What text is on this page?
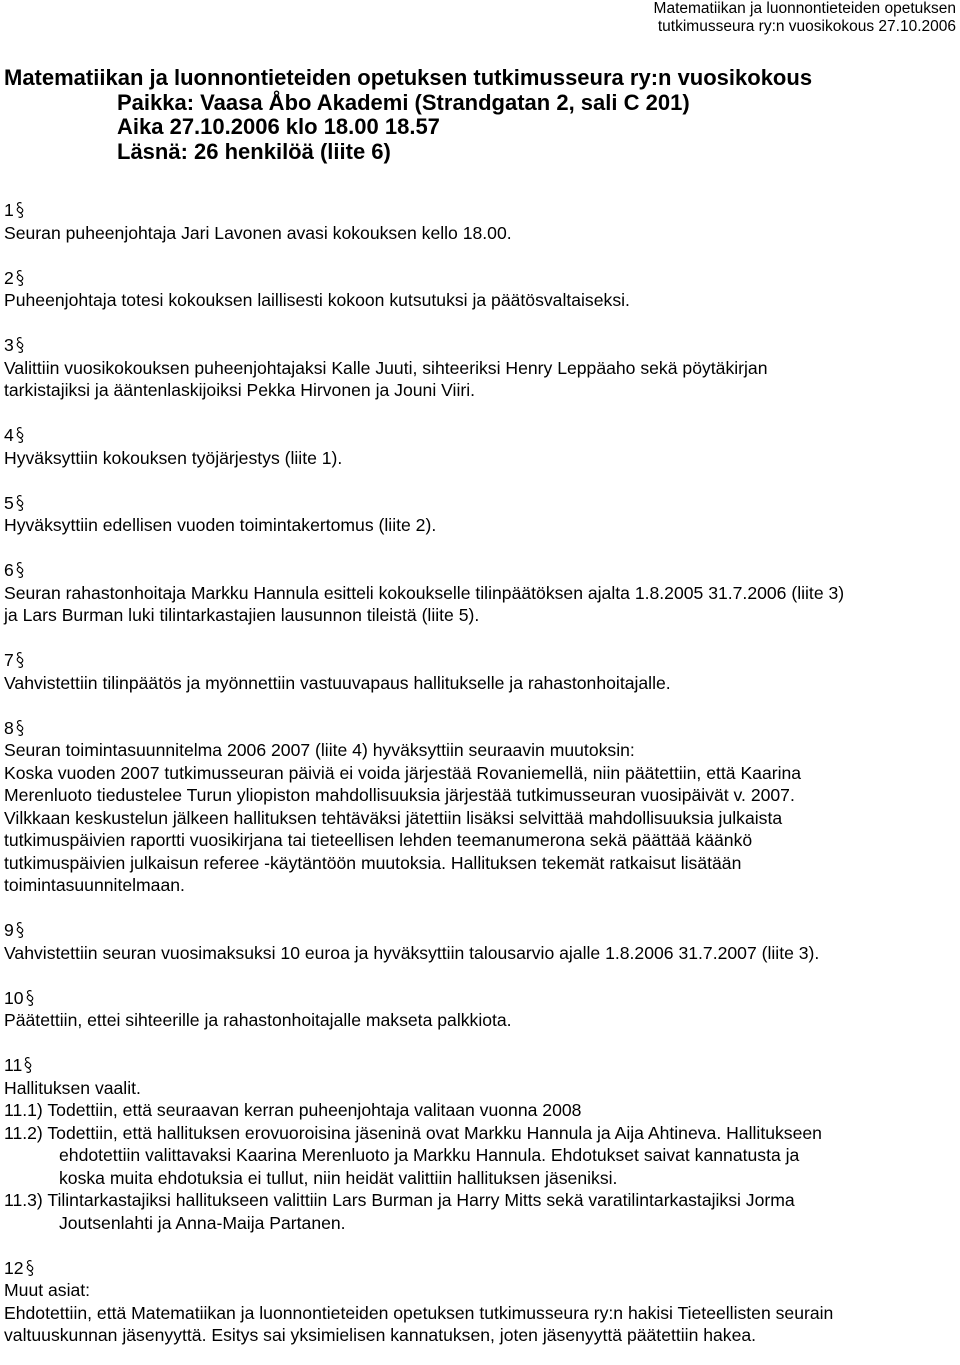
Matematiikan ja luonnontieteiden opetuksen
tutkimusseura ry:n vuosikokous 27.10.2006
Matematiikan ja luonnontieteiden opetuksen tutkimusseura ry:n vuosikokous
Paikka: Vaasa Åbo Akademi (Strandgatan 2, sali C 201)
Aika 27.10.2006 klo 18.00 18.57
Läsnä: 26 henkilöä (liite 6)
1
Seuran puheenjohtaja Jari Lavonen avasi kokouksen kello 18.00.
2
Puheenjohtaja totesi kokouksen laillisesti kokoon kutsutuksi ja päätösvaltaiseksi.
3
Valittiin vuosikokouksen puheenjohtajaksi Kalle Juuti, sihteeriksi Henry Leppäaho sekä pöytäkirjan
tarkistajiksi ja ääntenlaskijoiksi Pekka Hirvonen ja Jouni Viiri.
4
Hyväksyttiin kokouksen työjärjestys (liite 1).
5
Hyväksyttiin edellisen vuoden toimintakertomus (liite 2).
6
Seuran rahastonhoitaja Markku Hannula esitteli kokoukselle tilinpäätöksen ajalta 1.8.2005 31.7.2006 (liite 3)
ja Lars Burman luki tilintarkastajien lausunnon tileistä (liite 5).
7
Vahvistettiin tilinpäätös ja myönnettiin vastuuvapaus hallitukselle ja rahastonhoitajalle.
8
Seuran toimintasuunnitelma 2006 2007 (liite 4) hyväksyttiin seuraavin muutoksin:
Koska vuoden 2007 tutkimusseuran päiviä ei voida järjestää Rovaniemellä, niin päätettiin, että Kaarina
Merenluoto tiedustelee Turun yliopiston mahdollisuuksia järjestää tutkimusseuran vuosipäivät v. 2007.
Vilkkaan keskustelun jälkeen hallituksen tehtäväksi jätettiin lisäksi selvittää mahdollisuuksia julkaista
tutkimuspäivien raportti vuosikirjana tai tieteellisen lehden teemanumerona sekä päättää käänkö
tutkimuspäivien julkaisun referee -käytäntöön muutoksia. Hallituksen tekemät ratkaisut lisätään
toimintasuunnitelmaan.
9
Vahvistettiin seuran vuosimaksuksi 10 euroa ja hyväksyttiin talousarvio ajalle 1.8.2006 31.7.2007 (liite 3).
10
Päätettiin, ettei sihteerille ja rahastonhoitajalle makseta palkkiota.
11
Hallituksen vaalit.
11.1) Todettiin, että seuraavan kerran puheenjohtaja valitaan vuonna 2008
11.2) Todettiin, että hallituksen erovuoroisina jäseninä ovat Markku Hannula ja Aija Ahtineva. Hallitukseen
ehdotettiin valittavaksi Kaarina Merenluoto ja Markku Hannula. Ehdotukset saivat kannatusta ja
koska muita ehdotuksia ei tullut, niin heidät valittiin hallituksen jäseniksi.
11.3) Tilintarkastajiksi hallitukseen valittiin Lars Burman ja Harry Mitts sekä varatilintarkastajiksi Jorma
Joutsenlahti ja Anna-Maija Partanen.
12
Muut asiat:
Ehdotettiin, että Matematiikan ja luonnontieteiden opetuksen tutkimusseura ry:n hakisi Tieteellisten seurain
valtuuskunnan jäsenyyttä. Esitys sai yksimielisen kannatuksen, joten jäsenyyttä päätettiin hakea.
